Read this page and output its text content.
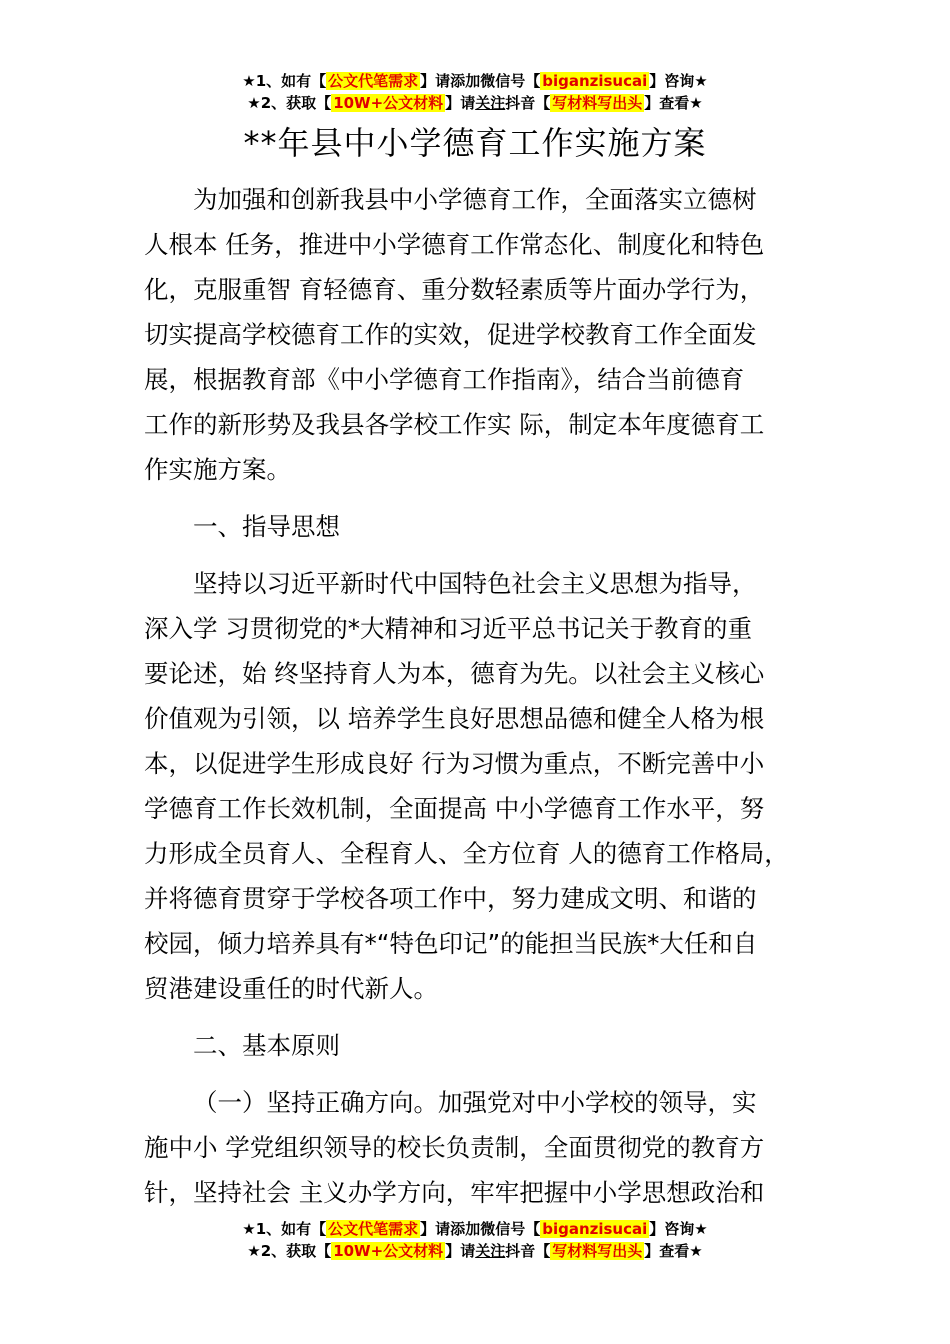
★1、如有【 公文代笔需求 】请添加微信号【 biganzisucai 】咨询★
★2、获取【 10W+公文材料 】请关注抖音【 写材料写出头 】查看★
**年县中小学德育工作实施方案

为加强和创新我县中小学德育工作，全面落实立德树
人根本 任务，推进中小学德育工作常态化、制度化和特色
化，克服重智 育轻德育、重分数轻素质等片面办学行为，
切实提高学校德育工作的实效，促进学校教育工作全面发
展，根据教育部《中小学德育工作指南》，结合当前德育
工作的新形势及我县各学校工作实 际，制定本年度德育工
作实施方案。

一、指导思想

坚持以习近平新时代中国特色社会主义思想为指导，
深入学 习贯彻党的*大精神和习近平总书记关于教育的重
要论述，始 终坚持育人为本，德育为先。以社会主义核心
价值观为引领，以 培养学生良好思想品德和健全人格为根
本，以促进学生形成良好 行为习惯为重点，不断完善中小
学德育工作长效机制，全面提高 中小学德育工作水平，努
力形成全员育人、全程育人、全方位育 人的德育工作格局，
并将德育贯穿于学校各项工作中，努力建成文明、和谐的
校园，倾力培养具有*“特色印记”的能担当民族*大任和自
贸港建设重任的时代新人。

二、基本原则

（一）坚持正确方向。加强党对中小学校的领导，实
施中小 学党组织领导的校长负责制，全面贯彻党的教育方
针，坚持社会 主义办学方向，牢牢把握中小学思想政治和

★1、如有【 公文代笔需求 】请添加微信号【 biganzisucai 】咨询★
★2、获取【 10W+公文材料 】请关注抖音【 写材料写出头 】查看★
